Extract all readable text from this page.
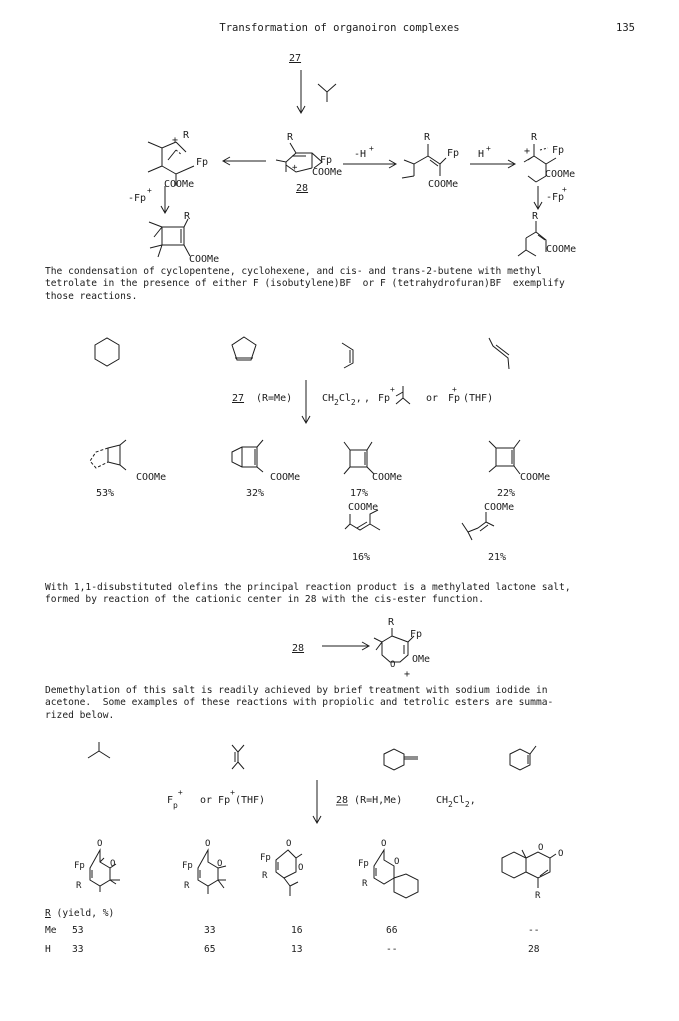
Transformation of organoiron complexes	135
27
+ R
Fp
COOMe
-Fp
+
R
COOMe
R
Fp
+ COOMe
28
-H
+
R
Fp
COOMe
H
+
R
+ Fp
COOMe
-Fp
+
R
COOMe

The condensation of cyclopentene, cyclohexene, and cis- and trans-2-butene with methyl

tetrolate in the presence of either F (isobutylene)BF  or F (tetrahydrofuran)BF  exemplify

those reactions.

27 (R=Me)	$CH_2Cl_2$, , Fp
+
or Fp
+
(THF)
COOMe
53%
COOMe
32%
COOMe
17%
COOMe
22%
COOMe
16%
COOMe
21%

With 1,1-disubstituted olefins the principal reaction product is a methylated lactone salt,

formed by reaction of the cationic center in 28 with the cis-ester function.

28
R
Fp
O OMe
+

Demethylation of this salt is readily achieved by brief treatment with sodium iodide in

acetone.  Some examples of these reactions with propiolic and tetrolic esters are summa-

rized below.

$F_p^+$
or Fp+(THF)	28 (R=H,Me)	$CH_2Cl_2$,
O
O
Fp
R
O
O
Fp
R
O
O
Fp
R
O
O
Fp
R
O
O
R
R (yield, %)
Me 53	33	16	66	--
H 33	65	13	--	28
